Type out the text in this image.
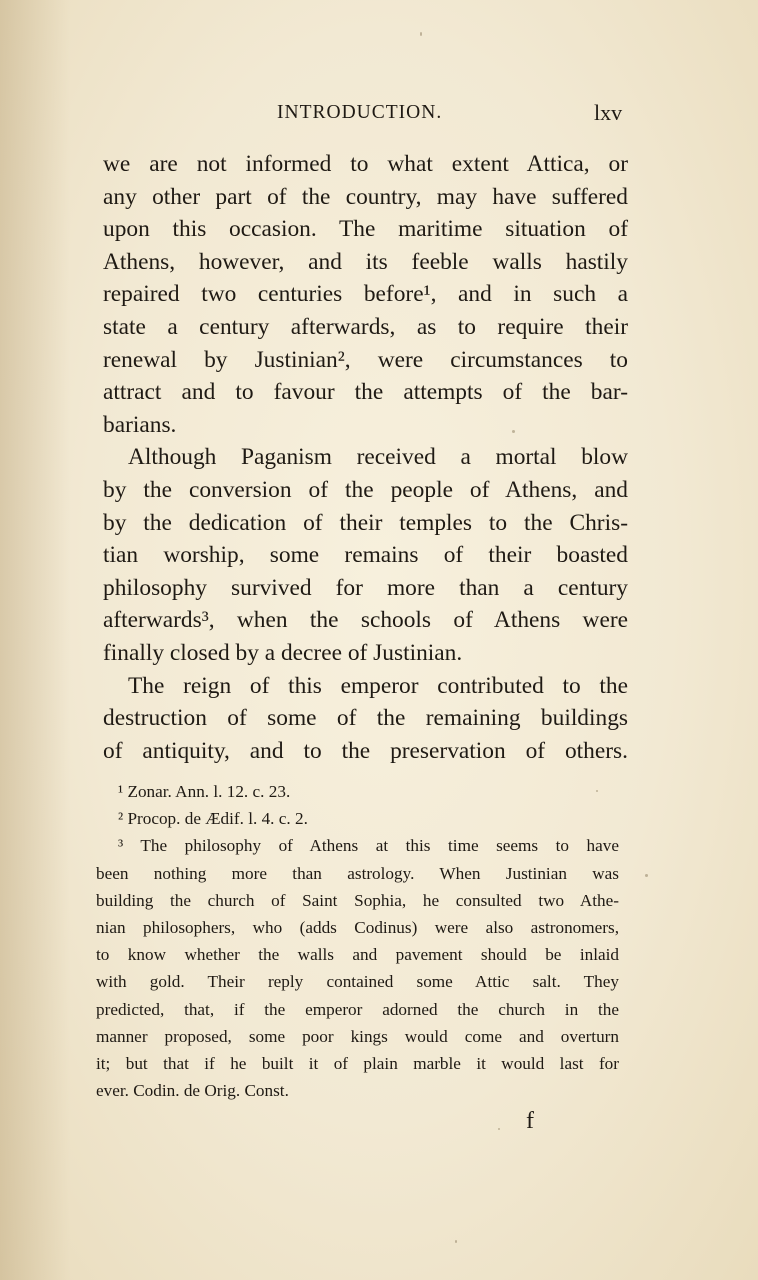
INTRODUCTION.	lxv
we are not informed to what extent Attica, or
any other part of the country, may have suffered
upon this occasion. The maritime situation of
Athens, however, and its feeble walls hastily
repaired two centuries before¹, and in such a
state a century afterwards, as to require their
renewal by Justinian², were circumstances to
attract and to favour the attempts of the bar-
barians.
Although Paganism received a mortal blow
by the conversion of the people of Athens, and
by the dedication of their temples to the Chris-
tian worship, some remains of their boasted
philosophy survived for more than a century
afterwards³, when the schools of Athens were
finally closed by a decree of Justinian.
The reign of this emperor contributed to the
destruction of some of the remaining buildings
of antiquity, and to the preservation of others.
¹ Zonar. Ann. l. 12. c. 23.
² Procop. de Ædif. l. 4. c. 2.
³ The philosophy of Athens at this time seems to have
been nothing more than astrology. When Justinian was
building the church of Saint Sophia, he consulted two Athe-
nian philosophers, who (adds Codinus) were also astronomers,
to know whether the walls and pavement should be inlaid
with gold. Their reply contained some Attic salt. They
predicted, that, if the emperor adorned the church in the
manner proposed, some poor kings would come and overturn
it; but that if he built it of plain marble it would last for
ever. Codin. de Orig. Const.
f
